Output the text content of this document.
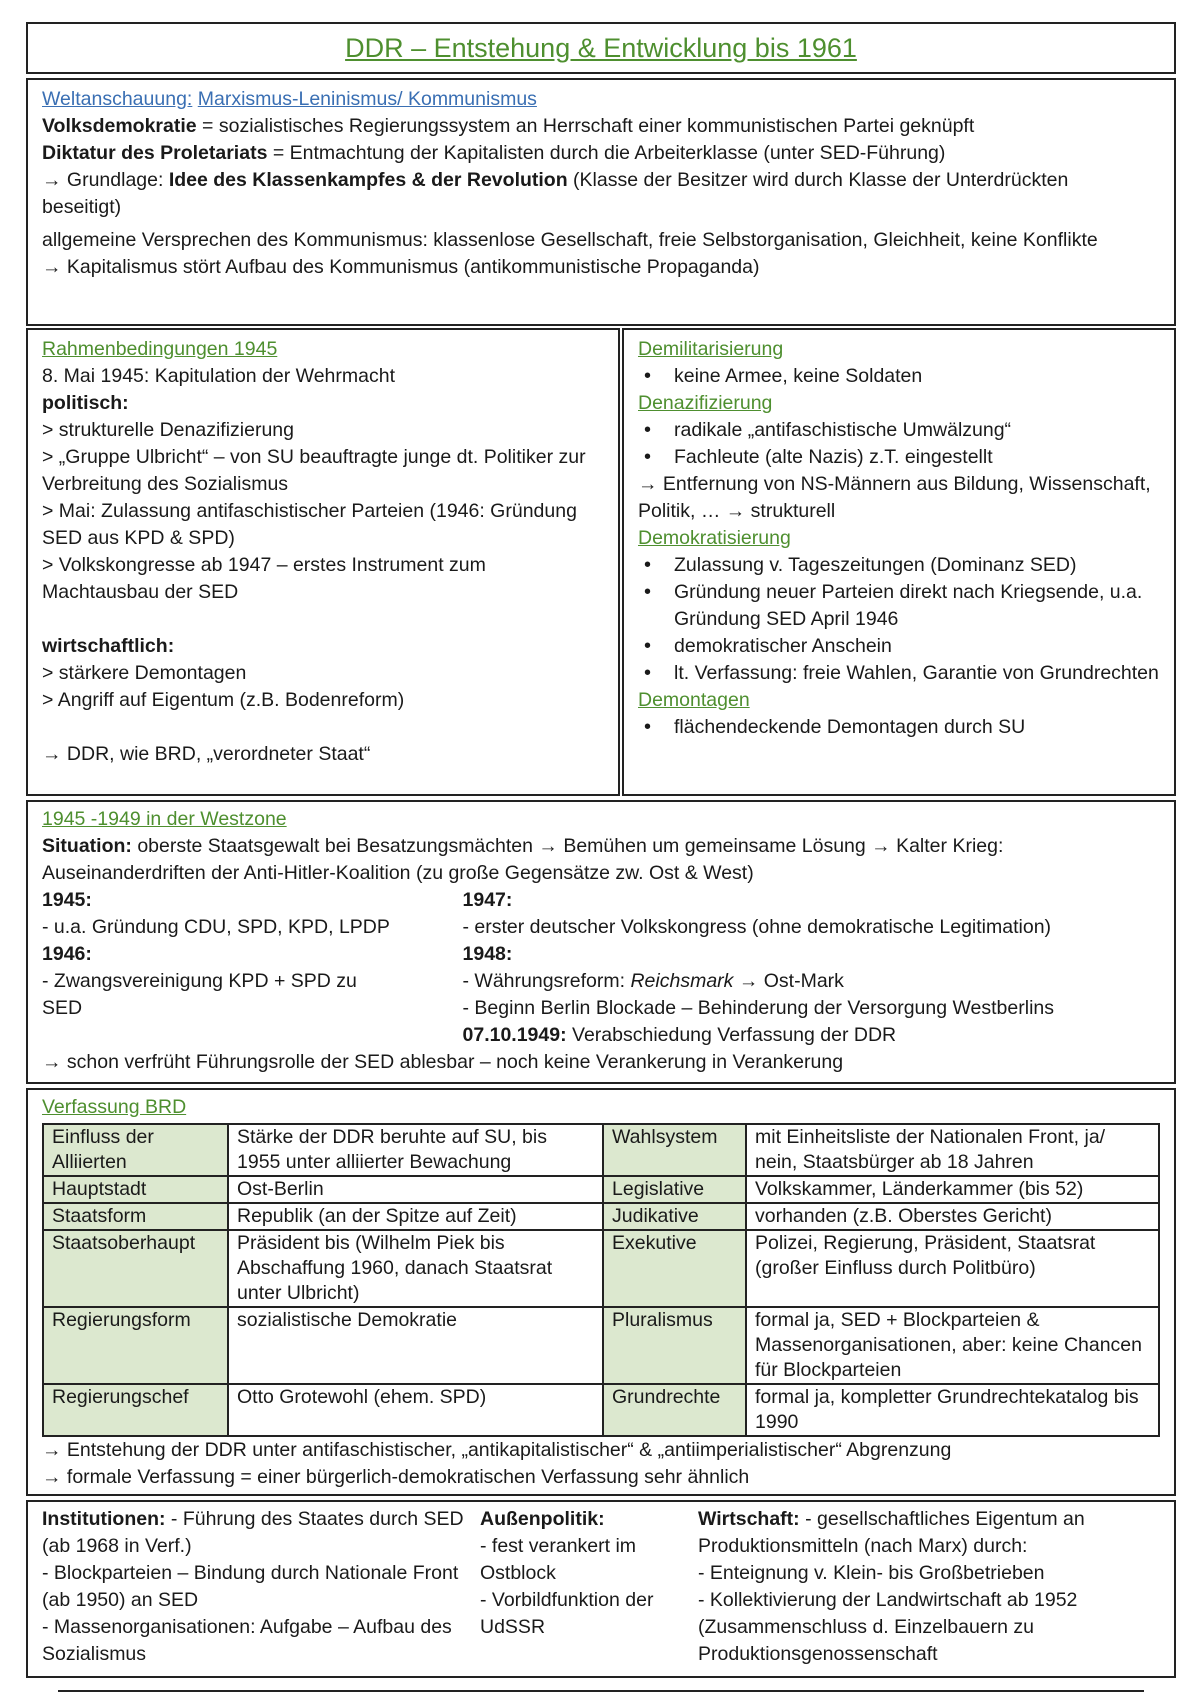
DDR – Entstehung & Entwicklung bis 1961

Weltanschauung: Marxismus-Leninismus/ Kommunismus

Volksdemokratie = sozialistisches Regierungssystem an Herrschaft einer kommunistischen Partei geknüpft

Diktatur des Proletariats = Entmachtung der Kapitalisten durch die Arbeiterklasse (unter SED-Führung)

→ Grundlage: Idee des Klassenkampfes & der Revolution (Klasse der Besitzer wird durch Klasse der Unterdrückten beseitigt)

allgemeine Versprechen des Kommunismus: klassenlose Gesellschaft, freie Selbstorganisation, Gleichheit, keine Konflikte

→ Kapitalismus stört Aufbau des Kommunismus (antikommunistische Propaganda)

Rahmenbedingungen 1945

8. Mai 1945: Kapitulation der Wehrmacht

politisch:

> strukturelle Denazifizierung

> „Gruppe Ulbricht“ – von SU beauftragte junge dt. Politiker zur Verbreitung des Sozialismus

> Mai: Zulassung antifaschistischer Parteien (1946: Gründung SED aus KPD & SPD)

> Volkskongresse ab 1947 – erstes Instrument zum Machtausbau der SED

wirtschaftlich:

> stärkere Demontagen

> Angriff auf Eigentum (z.B. Bodenreform)

→ DDR, wie BRD, „verordneter Staat“

Demilitarisierung

• keine Armee, keine Soldaten

Denazifizierung

• radikale „antifaschistische Umwälzung“
• Fachleute (alte Nazis) z.T. eingestellt

→ Entfernung von NS-Männern aus Bildung, Wissenschaft, Politik, … → strukturell

Demokratisierung

• Zulassung v. Tageszeitungen (Dominanz SED)
• Gründung neuer Parteien direkt nach Kriegsende, u.a. Gründung SED April 1946
• demokratischer Anschein
• lt. Verfassung: freie Wahlen, Garantie von Grundrechten

Demontagen

• flächendeckende Demontagen durch SU

1945 -1949 in der Westzone

Situation: oberste Staatsgewalt bei Besatzungsmächten → Bemühen um gemeinsame Lösung → Kalter Krieg: Auseinanderdriften der Anti-Hitler-Koalition (zu große Gegensätze zw. Ost & West)

1945:

- u.a. Gründung CDU, SPD, KPD, LPDP

1946:

- Zwangsvereinigung KPD + SPD zu SED

1947:

- erster deutscher Volkskongress (ohne demokratische Legitimation)

1948:

- Währungsreform: Reichsmark → Ost-Mark

- Beginn Berlin Blockade – Behinderung der Versorgung Westberlins

07.10.1949: Verabschiedung Verfassung der DDR

→ schon verfrüht Führungsrolle der SED ablesbar – noch keine Verankerung in Verankerung

Verfassung BRD

Einfluss der Alliierten	Stärke der DDR beruhte auf SU, bis 1955 unter alliierter Bewachung	Wahlsystem	mit Einheitsliste der Nationalen Front, ja/ nein, Staatsbürger ab 18 Jahren
Hauptstadt	Ost-Berlin	Legislative	Volkskammer, Länderkammer (bis 52)
Staatsform	Republik (an der Spitze auf Zeit)	Judikative	vorhanden (z.B. Oberstes Gericht)
Staatsoberhaupt	Präsident bis (Wilhelm Piek bis Abschaffung 1960, danach Staatsrat unter Ulbricht)	Exekutive	Polizei, Regierung, Präsident, Staatsrat (großer Einfluss durch Politbüro)
Regierungsform	sozialistische Demokratie	Pluralismus	formal ja, SED + Blockparteien & Massenorganisationen, aber: keine Chancen für Blockparteien
Regierungschef	Otto Grotewohl (ehem. SPD)	Grundrechte	formal ja, kompletter Grundrechtekatalog bis 1990

→ Entstehung der DDR unter antifaschistischer, „antikapitalistischer“ & „antiimperialistischer“ Abgrenzung

→ formale Verfassung = einer bürgerlich-demokratischen Verfassung sehr ähnlich

Institutionen: - Führung des Staates durch SED (ab 1968 in Verf.)

- Blockparteien – Bindung durch Nationale Front (ab 1950) an SED

- Massenorganisationen: Aufgabe – Aufbau des Sozialismus

Außenpolitik:

- fest verankert im Ostblock

- Vorbildfunktion der UdSSR

Wirtschaft: - gesellschaftliches Eigentum an Produktionsmitteln (nach Marx) durch:

- Enteignung v. Klein- bis Großbetrieben

- Kollektivierung der Landwirtschaft ab 1952 (Zusammenschluss d. Einzelbauern zu Produktionsgenossenschaft
